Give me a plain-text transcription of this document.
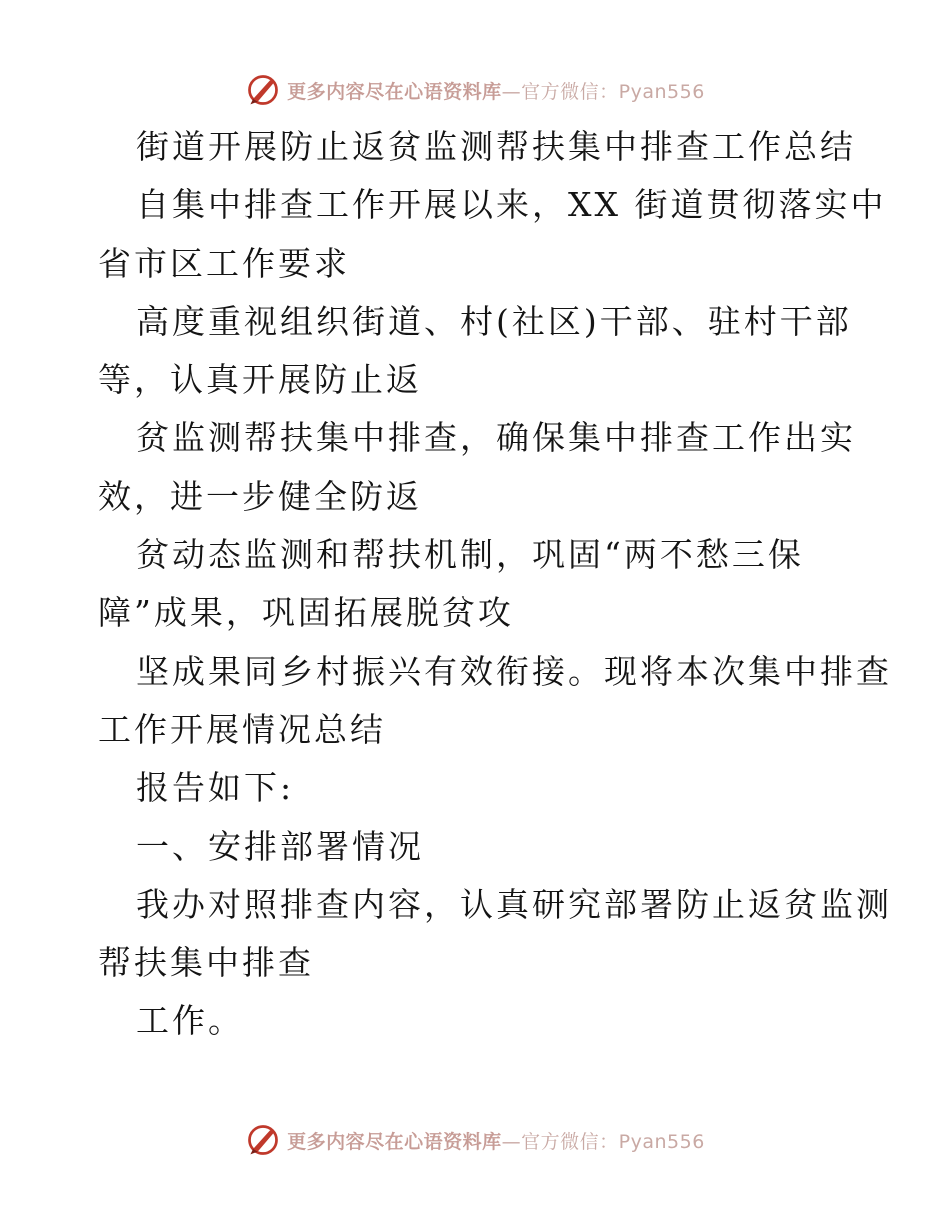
更多内容尽在心语资料库—官方微信：Pyan556
街道开展防止返贫监测帮扶集中排查工作总结
自集中排查工作开展以来，XX 街道贯彻落实中
省市区工作要求
高度重视组织街道、村(社区)干部、驻村干部
等，认真开展防止返
贫监测帮扶集中排查，确保集中排查工作出实
效，进一步健全防返
贫动态监测和帮扶机制，巩固“两不愁三保
障”成果，巩固拓展脱贫攻
坚成果同乡村振兴有效衔接。现将本次集中排查
工作开展情况总结
报告如下:
一、安排部署情况
我办对照排查内容，认真研究部署防止返贫监测
帮扶集中排查
工作。
更多内容尽在心语资料库—官方微信：Pyan556
